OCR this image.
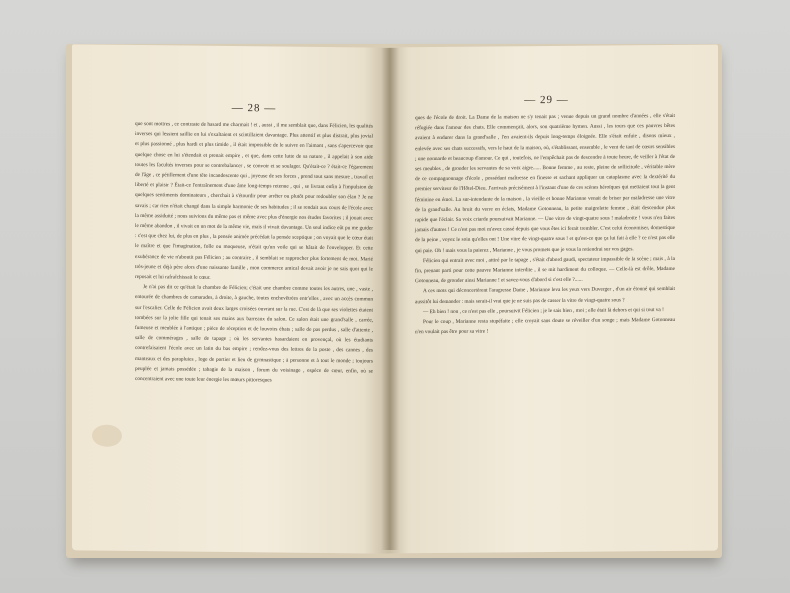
— 28 —

que sont mottres , ce contraste de hasard me charmait ! et , aussi , il me semblait que, dans Félicien, les qualités inverses qui lessient saillie en lui s'exaltaient et scintillaient davantage. Plus attentif et plus distrait, plus jovial et plus passionné , plus hardi et plus timide , il était impossible de le suivre en l'aimant , sans s'apercevoir que quelque chose en lui s'étendait et prenait empire , et que, dans cette lutte de sa nature , il appelait à son aide toutes les facultés inverses pour se contrebalancer , se convoir et se soulager. Qu'était-ce ? était-ce l'égarement de l'âge , ce pétillement d'une tête incandescente qui , joyeuse de ses forces , prend tout sans mesure , travail et liberté et plaisir ? Était-ce l'entraînement d'une âme long-temps retenue , qui , se livrant enfin à l'impulsion de quelques sentiments dominateurs , cherchait à s'étourdir pour arrêter ou plutôt pour redoubler son élan ? Je ne savais ; car rien n'était changé dans la simple harmonie de ses habitudes ; il se rendait aux cours de l'école avec la même assiduité ; nous suivions du même pas et même avec plus d'énergie nos études favorites ; il jouait avec le même abandon , il vivait en un mot de la même vie, mais il vivait davantage. Un seul indice eût pu me guider : c'est que chez lui, de plus en plus , la pensée animée précédait la pensée sceptique ; on voyait que le cœur était le maître et que l'imagination, folle ou moqueuse, n'était qu'un voile qui se hâtait de l'envelopper. Et cette exubérance de vie n'aboutit pas Félicien ; au contraire , il semblait se rapprocher plus fortement de moi. Marié très-jeune et déjà père alors d'une naissante famille , mon commerce amical devait avoir je ne sais quoi qui le reposait et lui rafraîchissait le cœur.

Je n'ai pas dit ce qu'était la chambre de Félicien; c'était une chambre comme toutes les autres, une , vaste , entourée de chambres de camarades, à droite, à gauche, toutes enchevêtrées entr'elles , avec un accès commun sur l'escalier. Celle de Félicien avait deux larges croisées ouvrant sur la rue. C'est de là que ses violettes étaient tombées sur la jolie fille qui tenait ses mains aux barreaux du salon. Ce salon était une grand'salle , carrée, fumeuse et meublée à l'antique ; pièce de réception et de louvoirs ébats ; salle de pas perdus , salle d'attente , salle de commérages , salle de tapage ; où les servantes hasardaient en provençal, où les étudiants contrefaisaient l'école avec un latin du bas empire ; rendez-vous des lettres de la poste , des cannes , des manteaux et des parapluies , loge de portier et lieu de gymnastique ; à personne et à tout le monde ; toujours peuplée et jamais possédée ; tabagie de la maison , forum du voisinage , espèce de cœur, enfin, où se concentraient avec une toute leur énergie les mœurs pittoresques

— 29 —

ques de l'école de droit. La Dame de la maison ne s'y tenait pas ; venue depuis un grand nombre d'années , elle s'était réfugiée dans l'amour des chats. Elle commençait, alors, son quatrième hymen. Aussi , les tours que ces pauvres bêtes avaient à endurer dans la grand'salle , l'en avaient-ils depuis long-temps éloignée. Elle s'était enfuie , disons mieux , enlevée avec ses chats successifs, vers le haut de la maison, où, s'établissant, ensemble , le vent de tant de cœurs sensibles ; une nonnarde et beaucoup d'amour. Ce qui , toutefois, ne l'empêchait pas de descendre à toute heure, de veiller à l'état de ses meubles , de gronder les servantes de sa voix aigre...... Bonne femme , au reste, pleine de sollicitude , véritable mère de ce compagnonnage d'école , possédant maîtresse en finesse et sachant appliquer un cataplasme avec la dextérité du premier serviteur de l'Hôtel-Dieu. J'arrivais précisément à l'instant d'une de ces scènes héroïques qui mettaient tout la gent féminine en émoi. La sur-intendante de la maison , la vieille et bonne Marianne venait de briser par maladresse une vitre de la grand'salle. Au bruit du verre en éclats, Madame Gotonneau, la petite maigrelette femme , était descendue plus rapide que l'éclair. Sa voix criarde poursuivait Marianne. — Une vitre de vingt-quatre sous ! maladroite ! vous n'en faites jamais d'autres ! Ce n'est pas moi m'avez cassé depuis que vous êtes ici ferait trembler. C'est celui économiser, domestique de la peine , voyez le soin qu'elles ont ! Une vitre de vingt-quatre sous ! et qu'est-ce que ça lui fait à elle ? ce n'est pas elle qui paie. Oh ! mais vous la paierez , Marianne , je vous promets que je vous la retiendrai sur vos gages.

Félicien qui entrait avec moi , attiré par le tapage , s'était d'abord gaudi, spectateur impassible de la scène ; mais , à la fin, prenant parti pour cette pauvre Marianne interdite , il se mit hardiment du colloque. — Celle-là est drôle, Madame Gotonneau, de gronder ainsi Marianne ! et savez-vous d'abord si c'est elle ?......

A ces mots qui déconcertèrent l'aragresse Dame , Marianne leva les yeux vers Duverger , d'un air étonné qui semblait aussitôt lui demander : mais serait-il vrai que je ne suis pas de casser la vitre de vingt-quatre sous ?

— Eh bien ! non , ce n'est pas elle , poursuivit Félicien ; je le sais bien , moi ; elle était là dehors et qui si tout va !

Pour le coup , Marianne resta stupéfaite ; elle croyait sans doute se réveiller d'un songe ; mais Madame Gotonneau n'en voulait pas être pour sa vitre !
